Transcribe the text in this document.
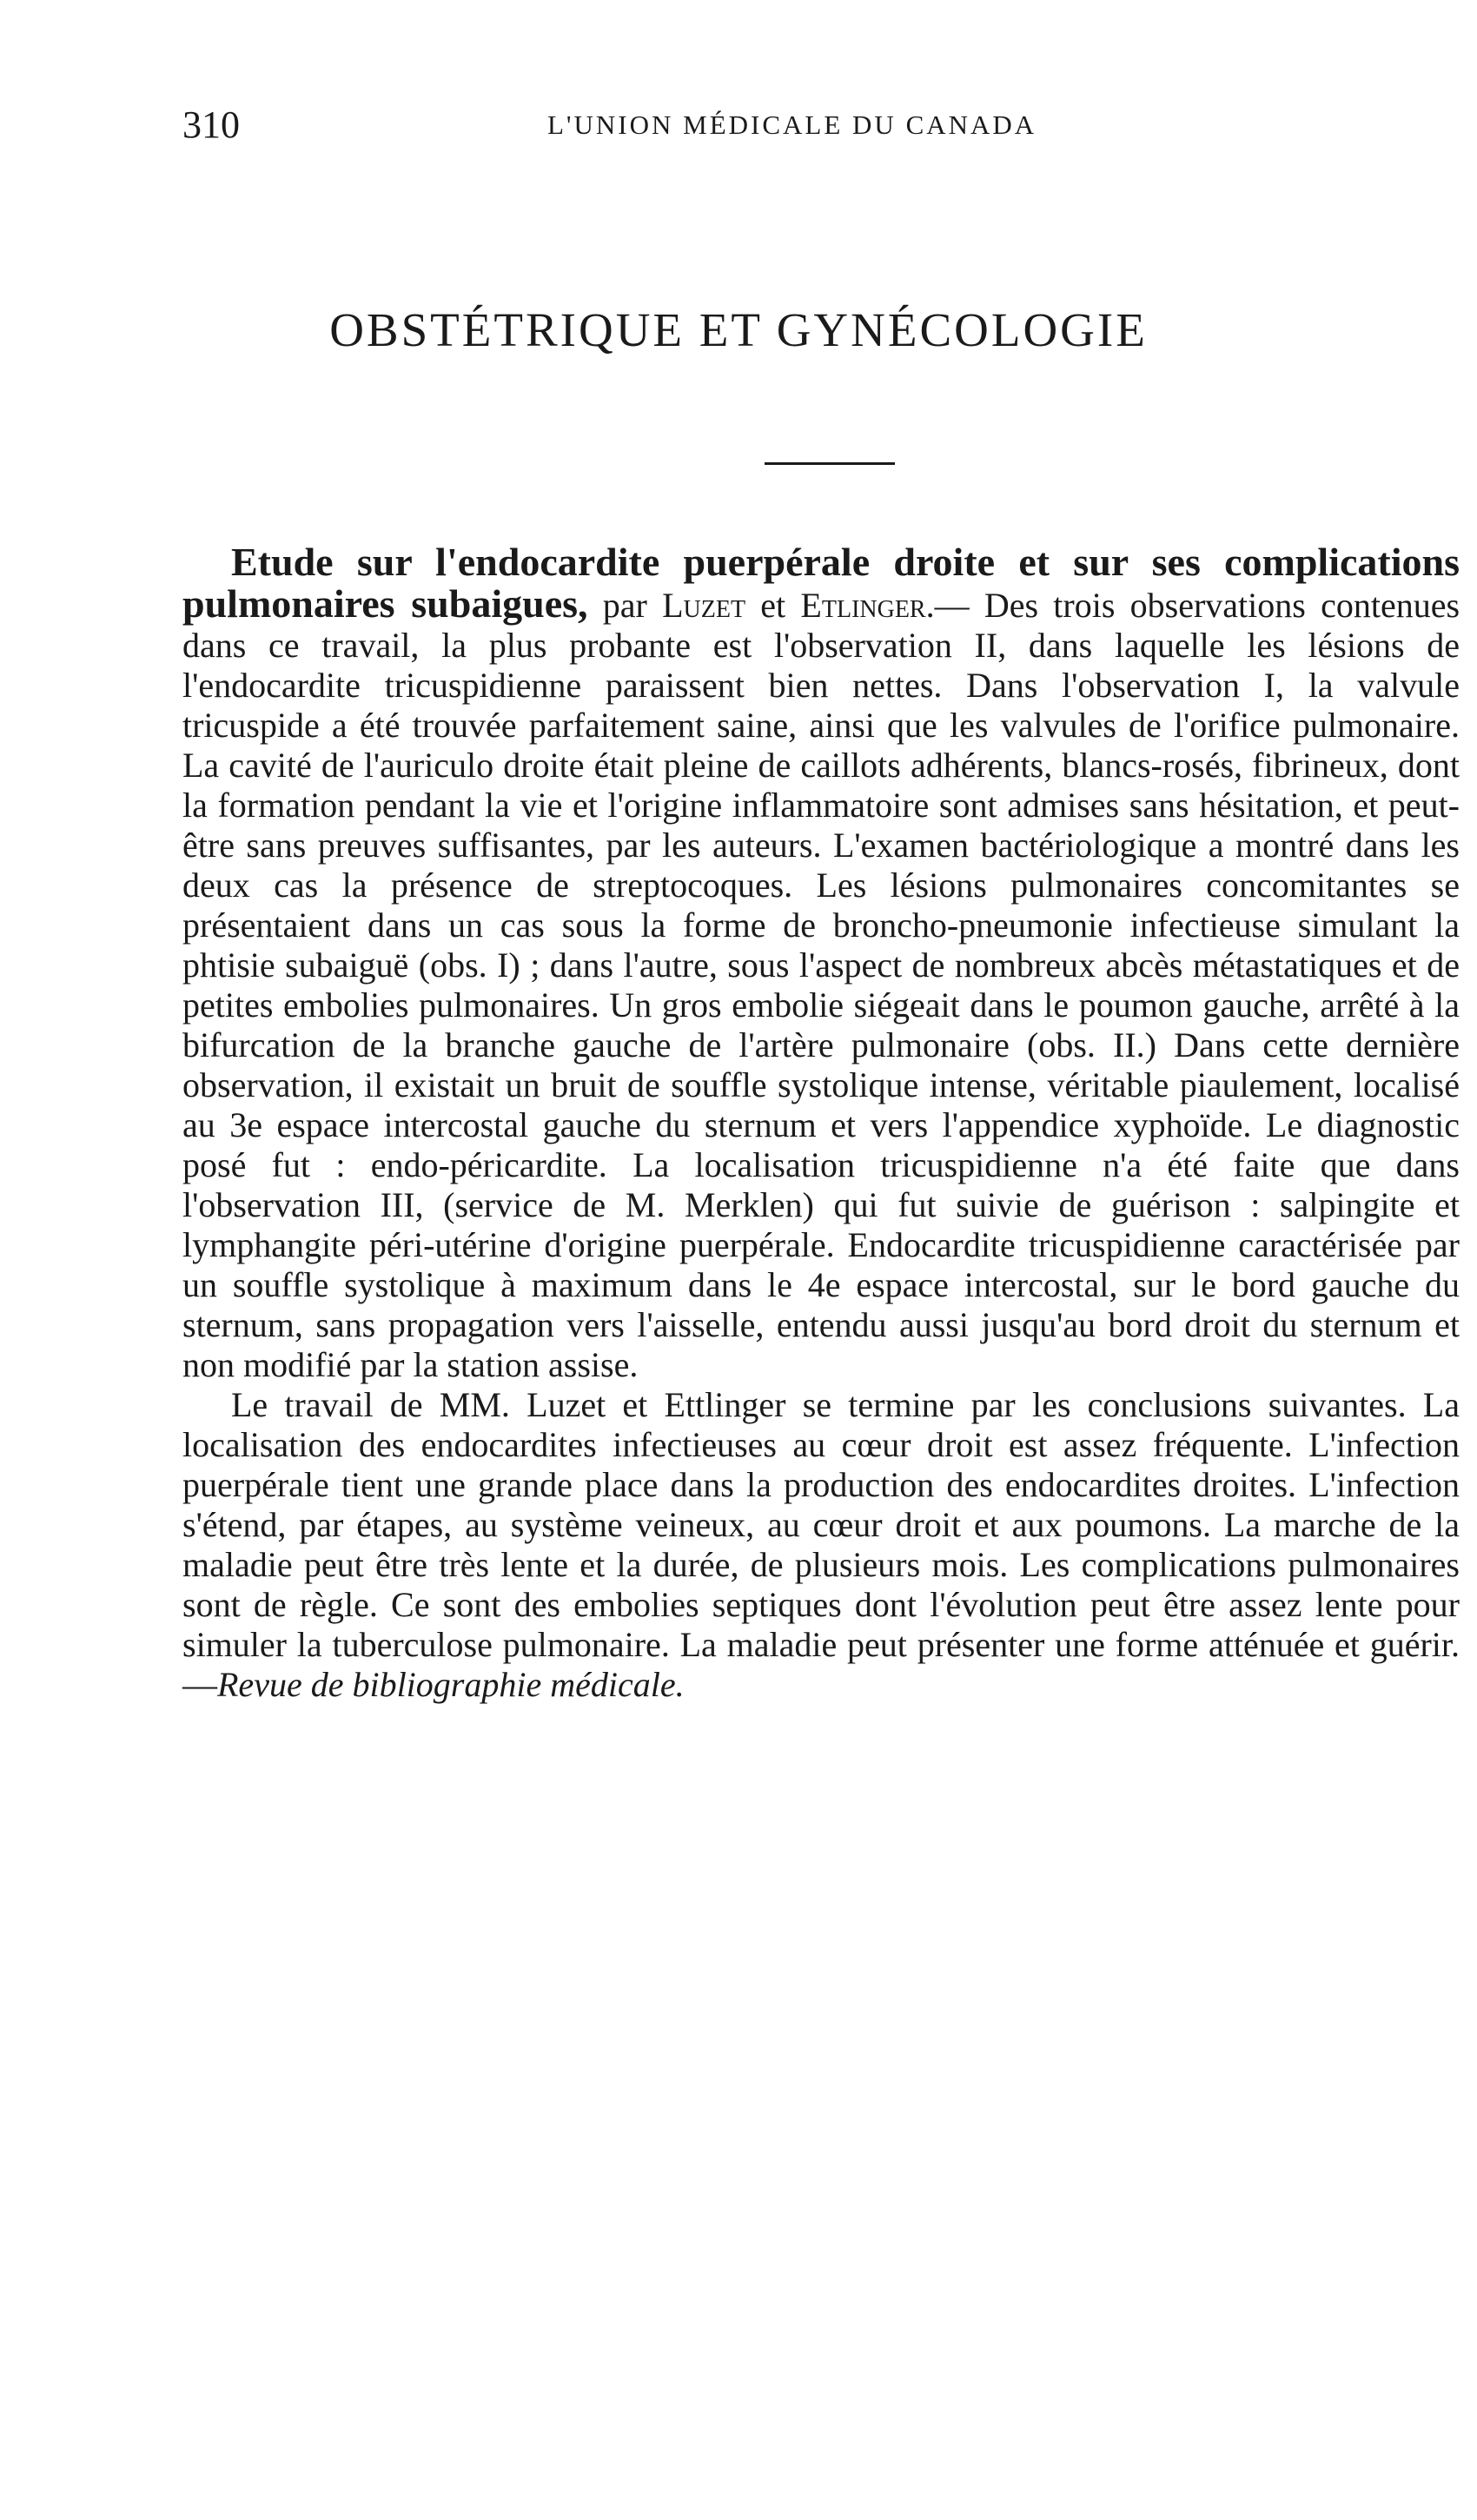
310	L'UNION MÉDICALE DU CANADA
OBSTÉTRIQUE ET GYNÉCOLOGIE

Etude sur l'endocardite puerpérale droite et sur ses complications pulmonaires subaigues, par Luzet et Etlinger.— Des trois observations contenues dans ce travail, la plus probante est l'observation II, dans laquelle les lésions de l'endocardite tricuspidienne paraissent bien nettes. Dans l'observation I, la valvule tricuspide a été trouvée parfaitement saine, ainsi que les valvules de l'orifice pulmonaire. La cavité de l'auriculo droite était pleine de caillots adhérents, blancs-rosés, fibrineux, dont la formation pendant la vie et l'origine inflammatoire sont admises sans hésitation, et peut-être sans preuves suffisantes, par les auteurs. L'examen bactériologique a montré dans les deux cas la présence de streptocoques. Les lésions pulmonaires concomitantes se présentaient dans un cas sous la forme de broncho-pneumonie infectieuse simulant la phtisie subaiguë (obs. I) ; dans l'autre, sous l'aspect de nombreux abcès métastatiques et de petites embolies pulmonaires. Un gros embolie siégeait dans le poumon gauche, arrêté à la bifurcation de la branche gauche de l'artère pulmonaire (obs. II.) Dans cette dernière observation, il existait un bruit de souffle systolique intense, véritable piaulement, localisé au 3e espace intercostal gauche du sternum et vers l'appendice xyphoïde. Le diagnostic posé fut : endo-péricardite. La localisation tricuspidienne n'a été faite que dans l'observation III, (service de M. Merklen) qui fut suivie de guérison : salpingite et lymphangite péri-utérine d'origine puerpérale. Endocardite tricuspidienne caractérisée par un souffle systolique à maximum dans le 4e espace intercostal, sur le bord gauche du sternum, sans propagation vers l'aisselle, entendu aussi jusqu'au bord droit du sternum et non modifié par la station assise.

Le travail de MM. Luzet et Ettlinger se termine par les conclusions suivantes. La localisation des endocardites infectieuses au cœur droit est assez fréquente. L'infection puerpérale tient une grande place dans la production des endocardites droites. L'infection s'étend, par étapes, au système veineux, au cœur droit et aux poumons. La marche de la maladie peut être très lente et la durée, de plusieurs mois. Les complications pulmonaires sont de règle. Ce sont des embolies septiques dont l'évolution peut être assez lente pour simuler la tuberculose pulmonaire. La maladie peut présenter une forme atténuée et guérir.—Revue de bibliographie médicale.
